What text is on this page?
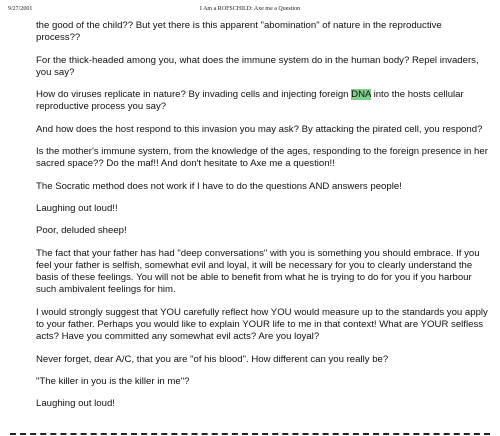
9/27/2001	I Am a ROFSCHILD: Axe me a Question

the good of the child?? But yet there is this apparent "abomination" of nature in the reproductive process??

For the thick-headed among you, what does the immune system do in the human body? Repel invaders, you say?

How do viruses replicate in nature? By invading cells and injecting foreign DNA into the hosts cellular reproductive process you say?

And how does the host respond to this invasion you may ask? By attacking the pirated cell, you respond?

Is the mother's immune system, from the knowledge of the ages, responding to the foreign presence in her sacred space?? Do the maf!! And don't hesitate to Axe me a question!!

The Socratic method does not work if I have to do the questions AND answers people!

Laughing out loud!!

Poor, deluded sheep!

The fact that your father has had "deep conversations" with you is something you should embrace. If you feel your father is selfish, somewhat evil and loyal, it will be necessary for you to clearly understand the basis of these feelings. You will not be able to benefit from what he is trying to do for you if you harbour such ambivalent feelings for him.

I would strongly suggest that YOU carefully reflect how YOU would measure up to the standards you apply to your father. Perhaps you would like to explain YOUR life to me in that context! What are YOUR selfless acts? Have you committed any somewhat evil acts? Are you loyal?

Never forget, dear A/C, that you are "of his blood". How different can you really be?

"The killer in you is the killer in me"?

Laughing out loud!
